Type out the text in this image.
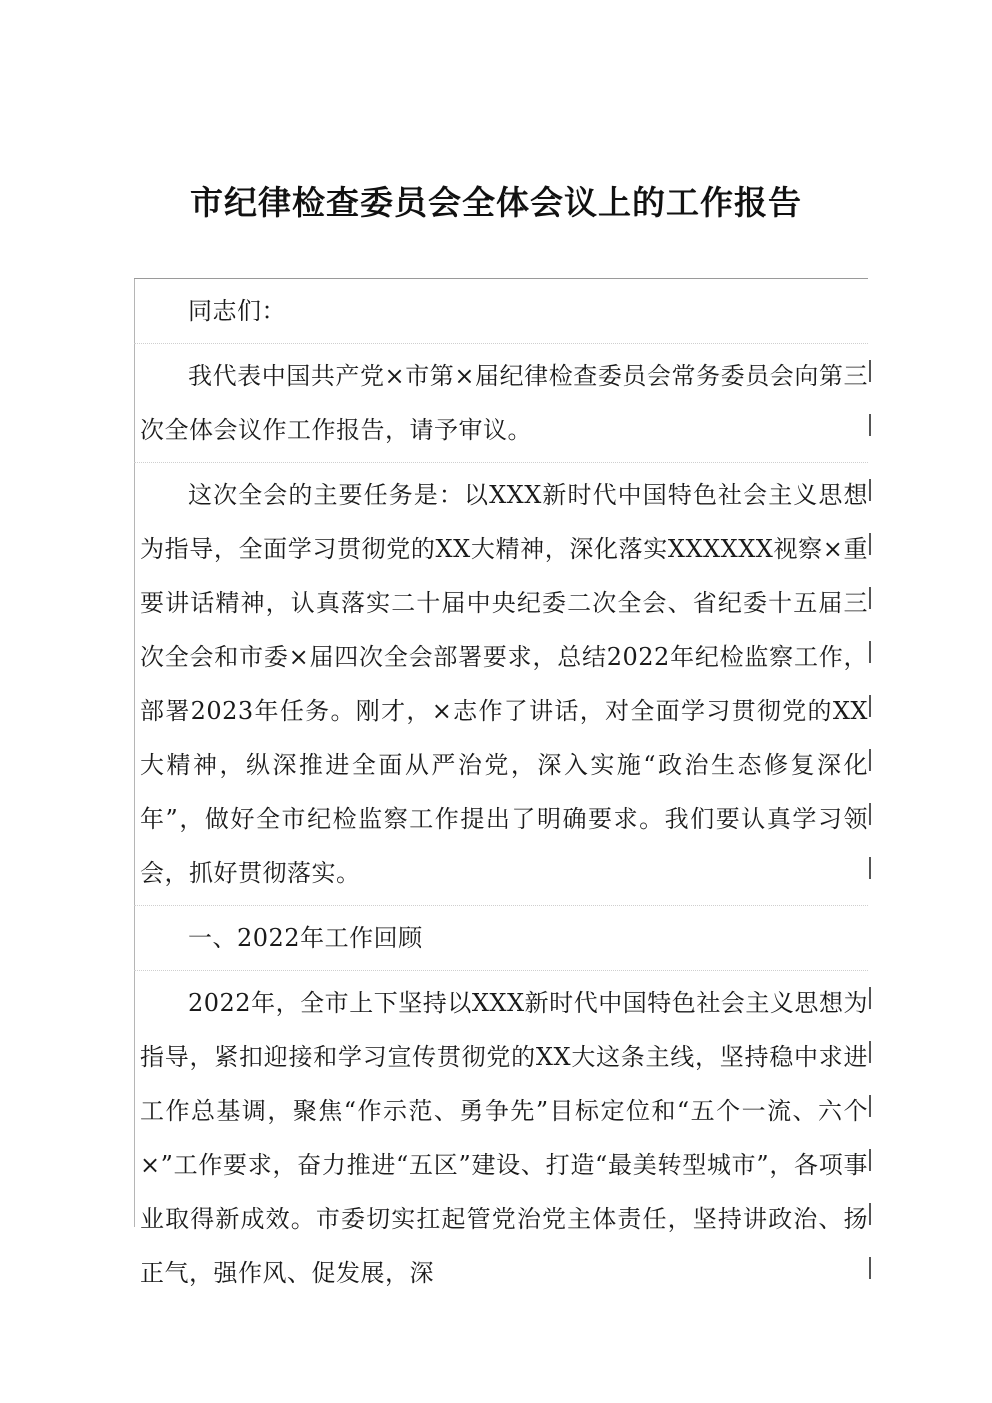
市纪律检查委员会全体会议上的工作报告
同志们：
我代表中国共产党×市第×届纪律检查委员会常务委员会向第三次全体会议作工作报告，请予审议。
这次全会的主要任务是：以XXX新时代中国特色社会主义思想为指导，全面学习贯彻党的XX大精神，深化落实XXXXXX视察×重要讲话精神，认真落实二十届中央纪委二次全会、省纪委十五届三次全会和市委×届四次全会部署要求，总结2022年纪检监察工作，部署2023年任务。刚才，×志作了讲话，对全面学习贯彻党的XX大精神，纵深推进全面从严治党，深入实施“政治生态修复深化年”，做好全市纪检监察工作提出了明确要求。我们要认真学习领会，抓好贯彻落实。
一、2022年工作回顾
2022年，全市上下坚持以XXX新时代中国特色社会主义思想为指导，紧扣迎接和学习宣传贯彻党的XX大这条主线，坚持稳中求进工作总基调，聚焦“作示范、勇争先”目标定位和“五个一流、六个×”工作要求，奋力推进“五区”建设、打造“最美转型城市”，各项事业取得新成效。市委切实扛起管党治党主体责任，坚持讲政治、扬正气，强作风、促发展，深
